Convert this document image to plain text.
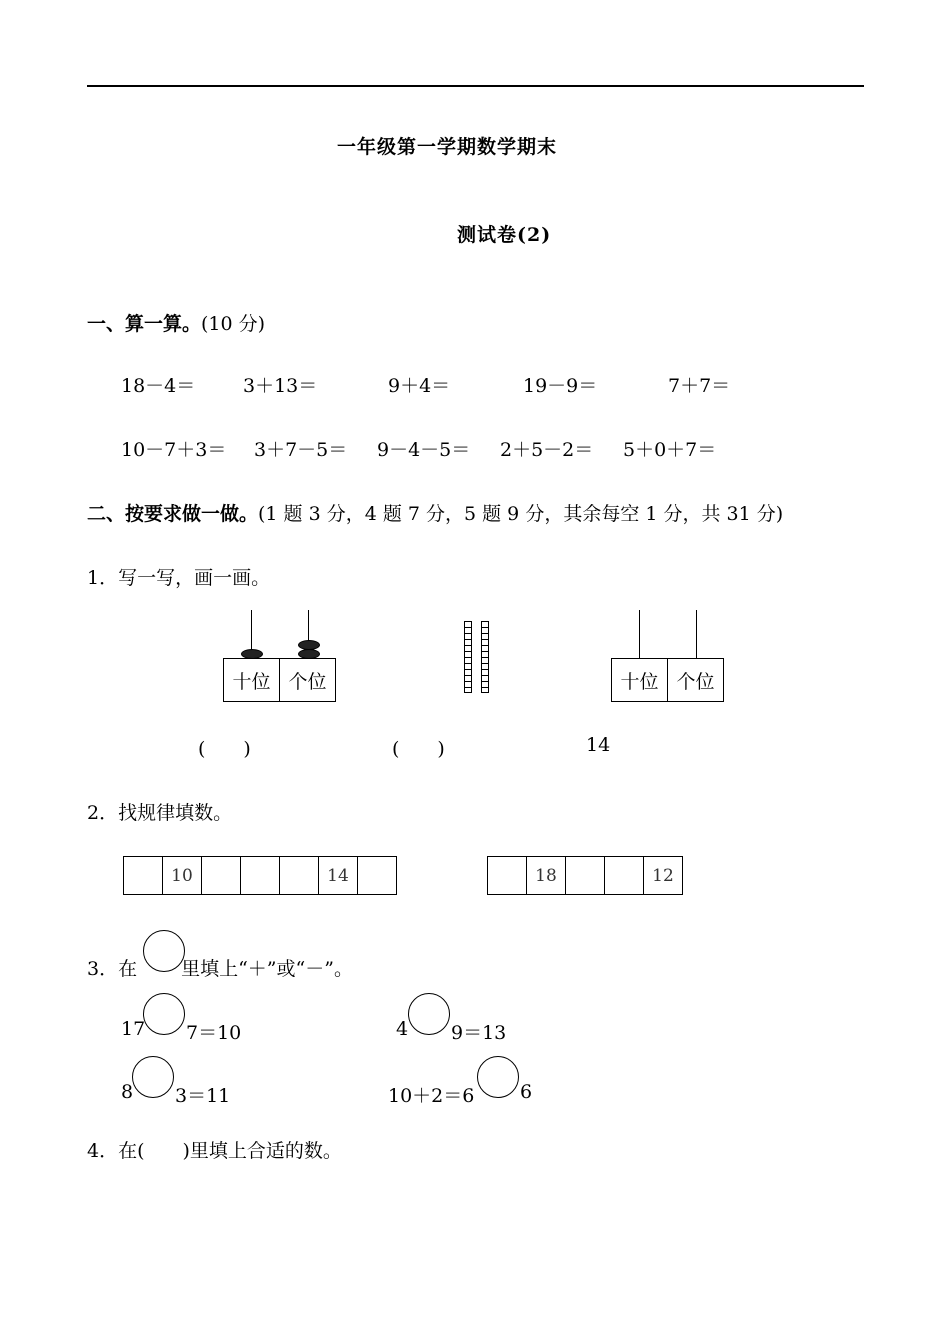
一年级第一学期数学期末
测试卷(2)
一、算一算。(10 分)
18－4＝	3＋13＝	9＋4＝	19－9＝	7＋7＝
10－7＋3＝ 3＋7－5＝ 9－4－5＝ 2＋5－2＝ 5＋0＋7＝
二、按要求做一做。(1 题 3 分，4 题 7 分，5 题 9 分，其余每空 1 分，共 31 分)
1．写一写，画一画。
十位 个位	十位 个位
(　　)	(　　)	14
2．找规律填数。
10	14	18	12
3．在 里填上“＋”或“－”。
17 7＝10	4 9＝13
8 3＝11	10＋2＝6 6
4．在(　　)里填上合适的数。
